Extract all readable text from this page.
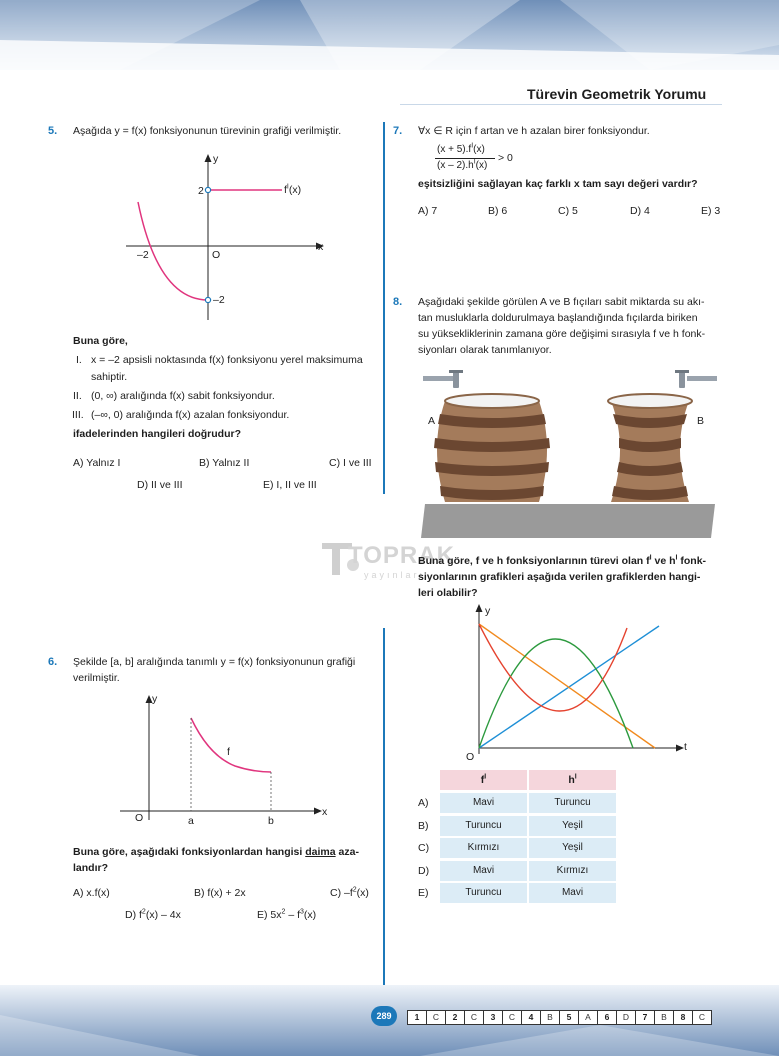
Türevin Geometrik Yorumu
5. Aşağıda y = f(x) fonksiyonunun türevinin grafiği verilmiştir.
y
x
O
2
–2
–2
$f^I(x)$
Buna göre,
I. x = –2 apsisli noktasında f(x) fonksiyonu yerel maksimuma
sahiptir.
II. (0, ∞) aralığında f(x) sabit fonksiyondur.
III. (–∞, 0) aralığında f(x) azalan fonksiyondur.
ifadelerinden hangileri doğrudur?
A) Yalnız I	B) Yalnız II	C) I ve III
D) II ve III	E) I, II ve III
TOPRAK
yayınları
6. Şekilde [a, b] aralığında tanımlı y = f(x) fonksiyonunun grafiği
verilmiştir.
y
x
O	a	b
f
Buna göre, aşağıdaki fonksiyonlardan hangisi daima aza-
landır?
A) x.f(x)	B) f(x) + 2x	C) $-f^2(x)$
D) $f^2(x) - 4x$	E) $5x^2 - f^3(x)$
7. ∀x ∈ R için f artan ve h azalan birer fonksiyondur.
$(x + 5).f^I(x)$
$(x - 2).h^I(x)$
> 0
eşitsizliğini sağlayan kaç farklı x tam sayı değeri vardır?
A) 7	B) 6	C) 5	D) 4	E) 3
8. Aşağıdaki şekilde görülen A ve B fıçıları sabit miktarda su akı-
tan musluklarla doldurulmaya başlandığında fıçılarda biriken
su yüksekliklerinin zamana göre değişimi sırasıyla f ve h fonk-
siyonları olarak tanımlanıyor.
A	B
Buna göre, f ve h fonksiyonlarının türevi olan $f^I$ ve $h^I$ fonk-
siyonlarının grafikleri aşağıda verilen grafiklerden hangi-
leri olabilir?
y
t
O
$f^I$	$h^I$
A)	Mavi	Turuncu
B)	Turuncu	Yeşil
C)	Kırmızı	Yeşil
D)	Mavi	Kırmızı
E)	Turuncu	Mavi
289	1	C	2	C	3	C	4	B	5	A	6	D	7	B	8	C
